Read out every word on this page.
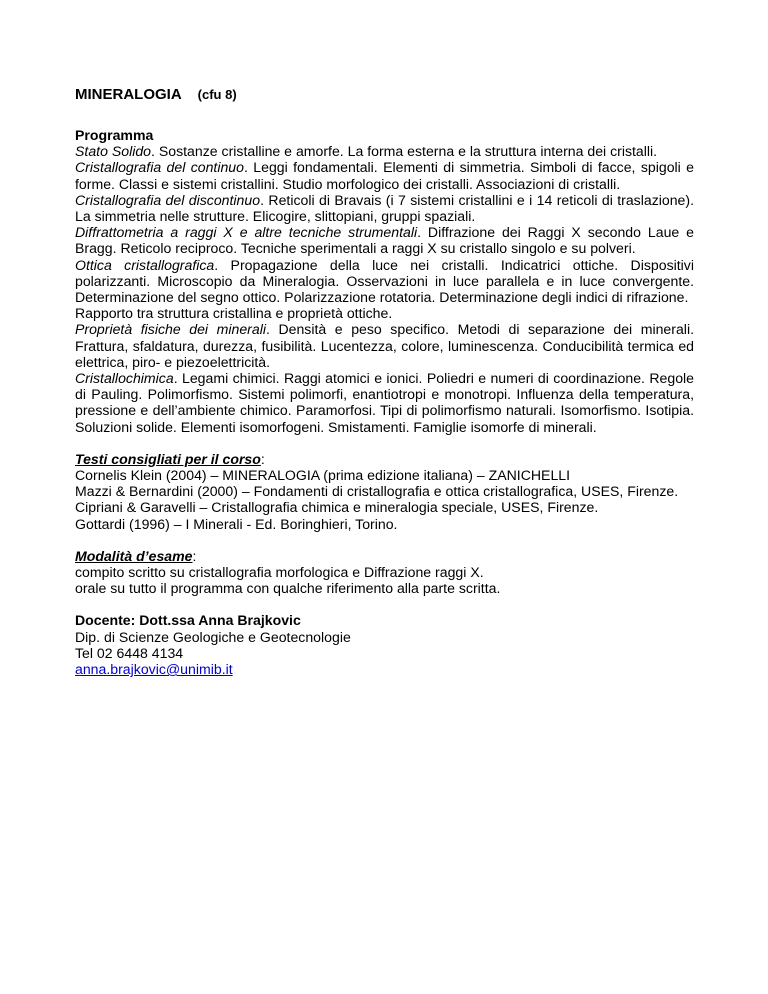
MINERALOGIA (cfu 8)
Programma

Stato Solido. Sostanze cristalline e amorfe. La forma esterna e la struttura interna dei cristalli.

Cristallografia del continuo. Leggi fondamentali. Elementi di simmetria. Simboli di facce, spigoli e forme. Classi e sistemi cristallini. Studio morfologico dei cristalli. Associazioni di cristalli.

Cristallografia del discontinuo. Reticoli di Bravais (i 7 sistemi cristallini e i 14 reticoli di traslazione). La simmetria nelle strutture. Elicogire, slittopiani, gruppi spaziali.

Diffrattometria a raggi X e altre tecniche strumentali. Diffrazione dei Raggi X secondo Laue e Bragg. Reticolo reciproco. Tecniche sperimentali a raggi X su cristallo singolo e su polveri.

Ottica cristallografica. Propagazione della luce nei cristalli. Indicatrici ottiche. Dispositivi polarizzanti. Microscopio da Mineralogia. Osservazioni in luce parallela e in luce convergente. Determinazione del segno ottico. Polarizzazione rotatoria. Determinazione degli indici di rifrazione.

Rapporto tra struttura cristallina e proprietà ottiche.

Proprietà fisiche dei minerali. Densità e peso specifico. Metodi di separazione dei minerali. Frattura, sfaldatura, durezza, fusibilità. Lucentezza, colore, luminescenza. Conducibilità termica ed elettrica, piro- e piezoelettricità.

Cristallochimica. Legami chimici. Raggi atomici e ionici. Poliedri e numeri di coordinazione. Regole di Pauling. Polimorfismo. Sistemi polimorfi, enantiotropi e monotropi. Influenza della temperatura, pressione e dell’ambiente chimico. Paramorfosi. Tipi di polimorfismo naturali. Isomorfismo. Isotipia. Soluzioni solide. Elementi isomorfogeni. Smistamenti. Famiglie isomorfe di minerali.

Testi consigliati per il corso:

Cornelis Klein (2004) – MINERALOGIA (prima edizione italiana) – ZANICHELLI

Mazzi & Bernardini (2000) – Fondamenti di cristallografia e ottica cristallografica, USES, Firenze.

Cipriani & Garavelli – Cristallografia chimica e mineralogia speciale, USES, Firenze.

Gottardi (1996) – I Minerali - Ed. Boringhieri, Torino.

Modalità d’esame:

compito scritto su cristallografia morfologica e Diffrazione raggi X.

orale su tutto il programma con qualche riferimento alla parte scritta.

Docente: Dott.ssa Anna Brajkovic

Dip. di Scienze Geologiche e Geotecnologie

Tel 02 6448 4134

anna.brajkovic@unimib.it
